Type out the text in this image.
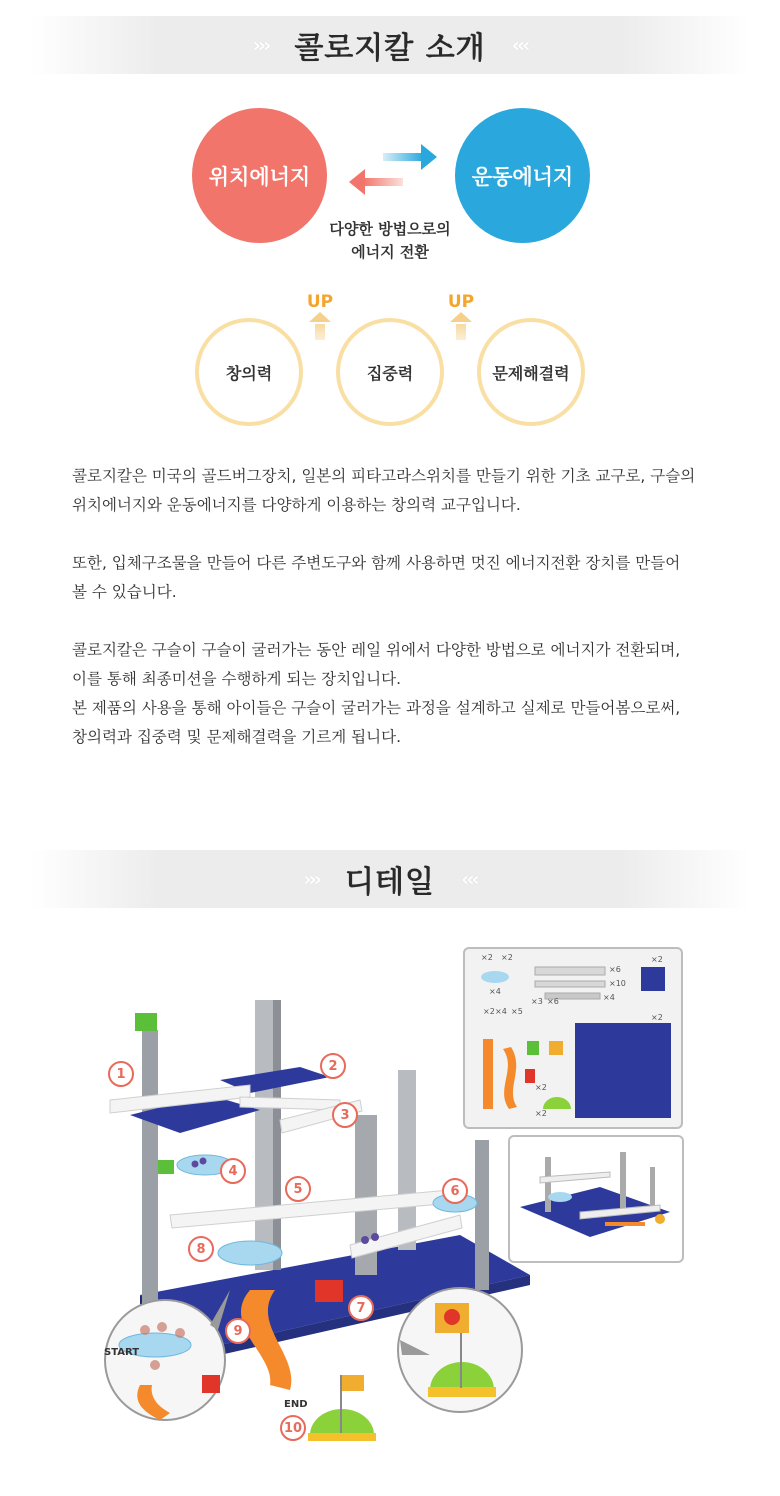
››› 콜로지칼 소개 ‹‹‹
위치에너지	운동에너지
다양한 방법으로의
에너지 전환
UP	UP
창의력	집중력	문제해결력

콜로지칼은 미국의 골드버그장치, 일본의 피타고라스위치를 만들기 위한 기초 교구로, 구슬의
위치에너지와 운동에너지를 다양하게 이용하는 창의력 교구입니다.

또한, 입체구조물을 만들어 다른 주변도구와 함께 사용하면 멋진 에너지전환 장치를 만들어
볼 수 있습니다.

콜로지칼은 구슬이 구슬이 굴러가는 동안 레일 위에서 다양한 방법으로 에너지가 전환되며,
이를 통해 최종미션을 수행하게 되는 장치입니다.
본 제품의 사용을 통해 아이들은 구슬이 굴러가는 과정을 설계하고 실제로 만들어봄으로써,
창의력과 집중력 및 문제해결력을 기르게 됩니다.

››› 디테일 ‹‹‹
START
1
2
3
4
5	6
7
8
9
10
END
×2 ×2
×4
×6
×10
×4
×2
×3 ×6
×2 ×4 ×5
×2
×2
×2
